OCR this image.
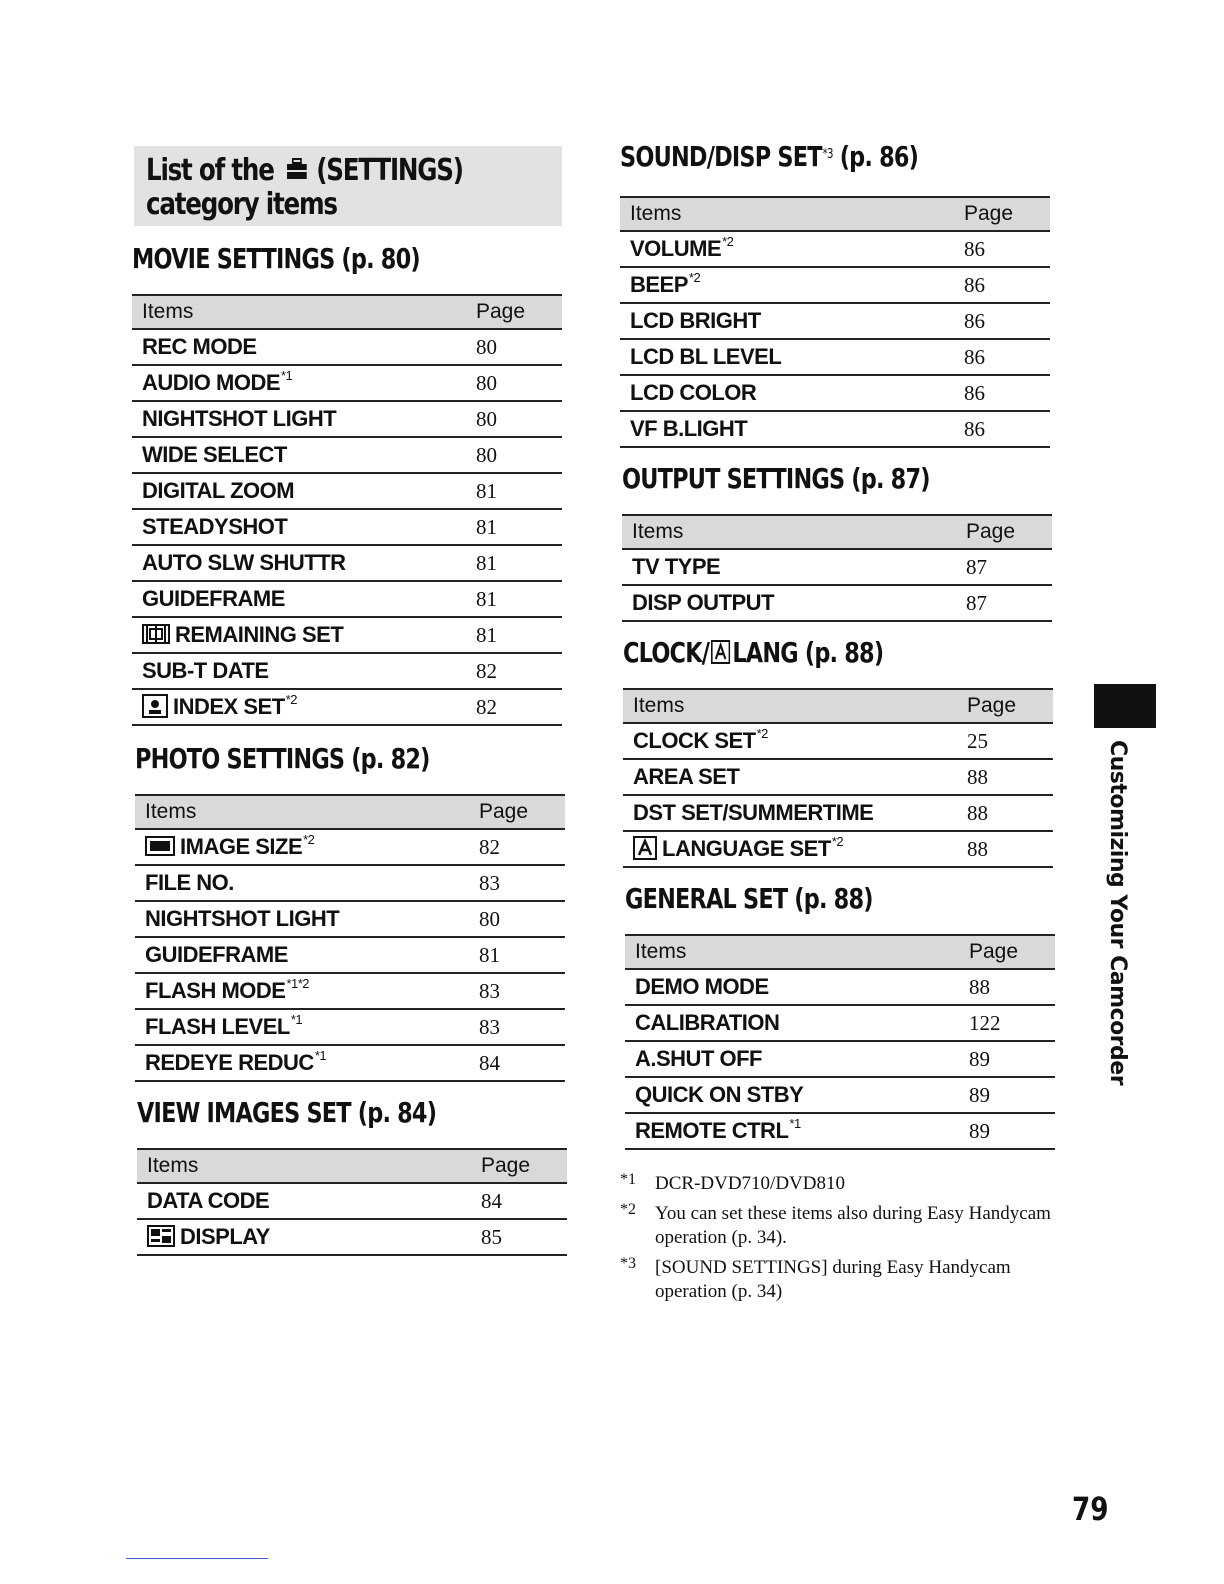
List of the (SETTINGS)
category items
MOVIE SETTINGS (p. 80)
Items	Page
REC MODE	80
AUDIO MODE$^{*1}$	80
NIGHTSHOT LIGHT	80
WIDE SELECT	80
DIGITAL ZOOM	81
STEADYSHOT	81
AUTO SLW SHUTTR	81
GUIDEFRAME	81
REMAINING SET	81
SUB-T DATE	82
INDEX SET$^{*2}$	82
PHOTO SETTINGS (p. 82)
Items	Page
IMAGE SIZE$^{*2}$	82
FILE NO.	83
NIGHTSHOT LIGHT	80
GUIDEFRAME	81
FLASH $MODE^{*1*2}$	83
FLASH LEVEL$^{*1}$	83
REDEYE REDUC$^{*1}$	84
VIEW IMAGES SET (p. 84)
Items	Page
DATA CODE	84
DISPLAY	85
SOUND/DISP SET$^{*3}$ (p. 86)
Items	Page
VOLUME$^{*2}$	86
BEEP$^{*2}$	86
LCD BRIGHT	86
LCD BL LEVEL	86
LCD COLOR	86
VF B.LIGHT	86
OUTPUT SETTINGS (p. 87)
Items	Page
TV TYPE	87
DISP OUTPUT	87
CLOCK/ LANG (p. 88)
Items	Page
CLOCK SET$^{*2}$	25
AREA SET	88
DST SET/SUMMERTIME	88
LANGUAGE SET$^{*2}$	88
GENERAL SET (p. 88)
Items	Page
DEMO MODE	88
CALIBRATION	122
A.SHUT OFF	89
QUICK ON STBY	89
REMOTE CTRL$^{*1}$	89
*1	DCR-DVD710/DVD810
*2	You can set these items also during Easy Handycam operation (p. 34).
*3	[SOUND SETTINGS] during Easy Handycam operation (p. 34)
Customizing Your Camcorder
79
